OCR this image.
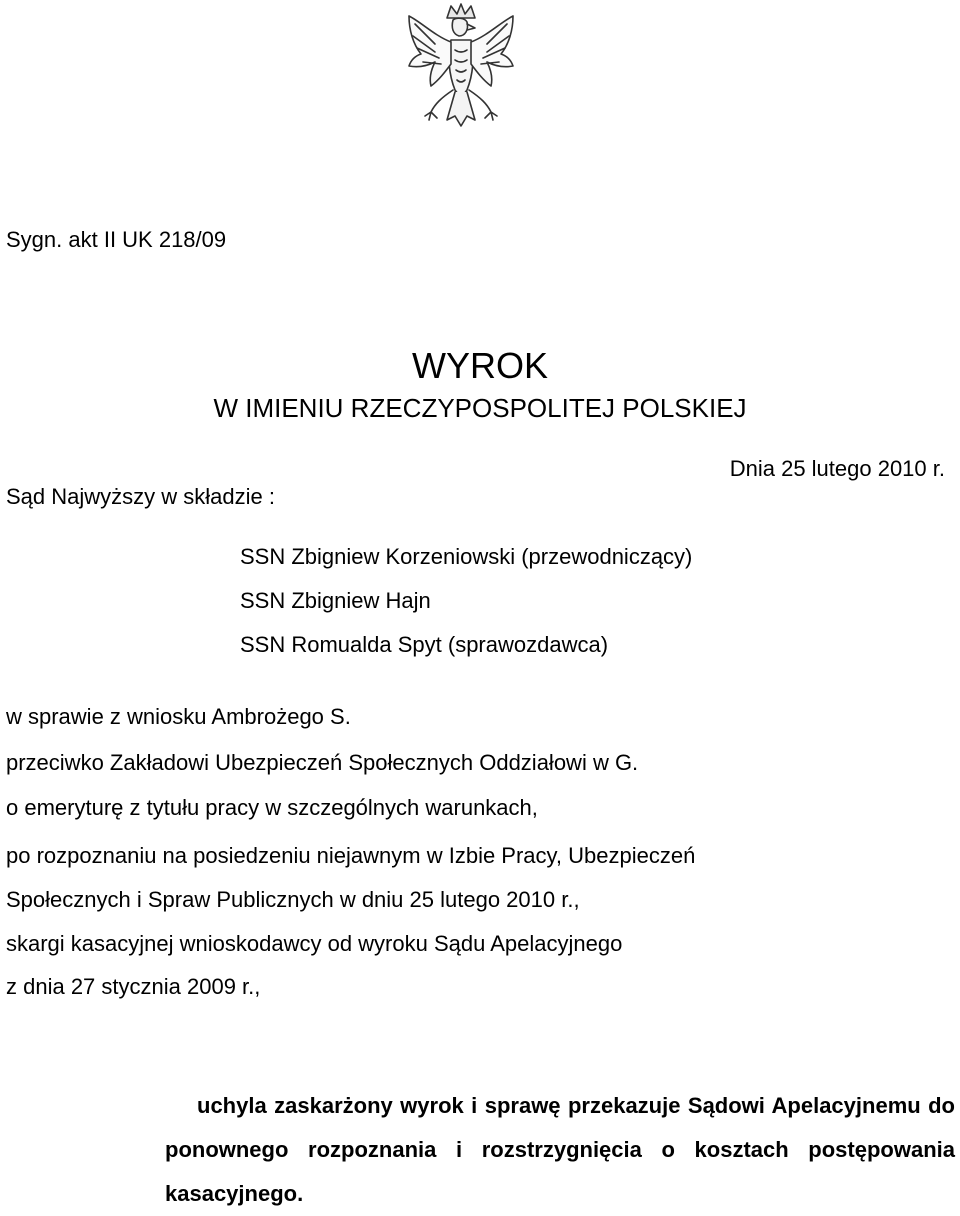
Sygn. akt II UK 218/09
WYROK
W IMIENIU RZECZYPOSPOLITEJ POLSKIEJ
Dnia 25 lutego 2010 r.
Sąd Najwyższy w składzie :
SSN Zbigniew Korzeniowski (przewodniczący)
SSN Zbigniew Hajn
SSN Romualda Spyt (sprawozdawca)
w sprawie z wniosku Ambrożego S.
przeciwko Zakładowi Ubezpieczeń Społecznych Oddziałowi w G.
o emeryturę z tytułu pracy w szczególnych warunkach,
po rozpoznaniu na posiedzeniu niejawnym w Izbie Pracy, Ubezpieczeń
Społecznych i Spraw Publicznych w dniu 25 lutego 2010 r.,
skargi kasacyjnej wnioskodawcy od wyroku Sądu Apelacyjnego
z dnia 27 stycznia 2009 r.,
uchyla zaskarżony wyrok i sprawę przekazuje Sądowi Apelacyjnemu do ponownego rozpoznania i rozstrzygnięcia o kosztach postępowania kasacyjnego.
